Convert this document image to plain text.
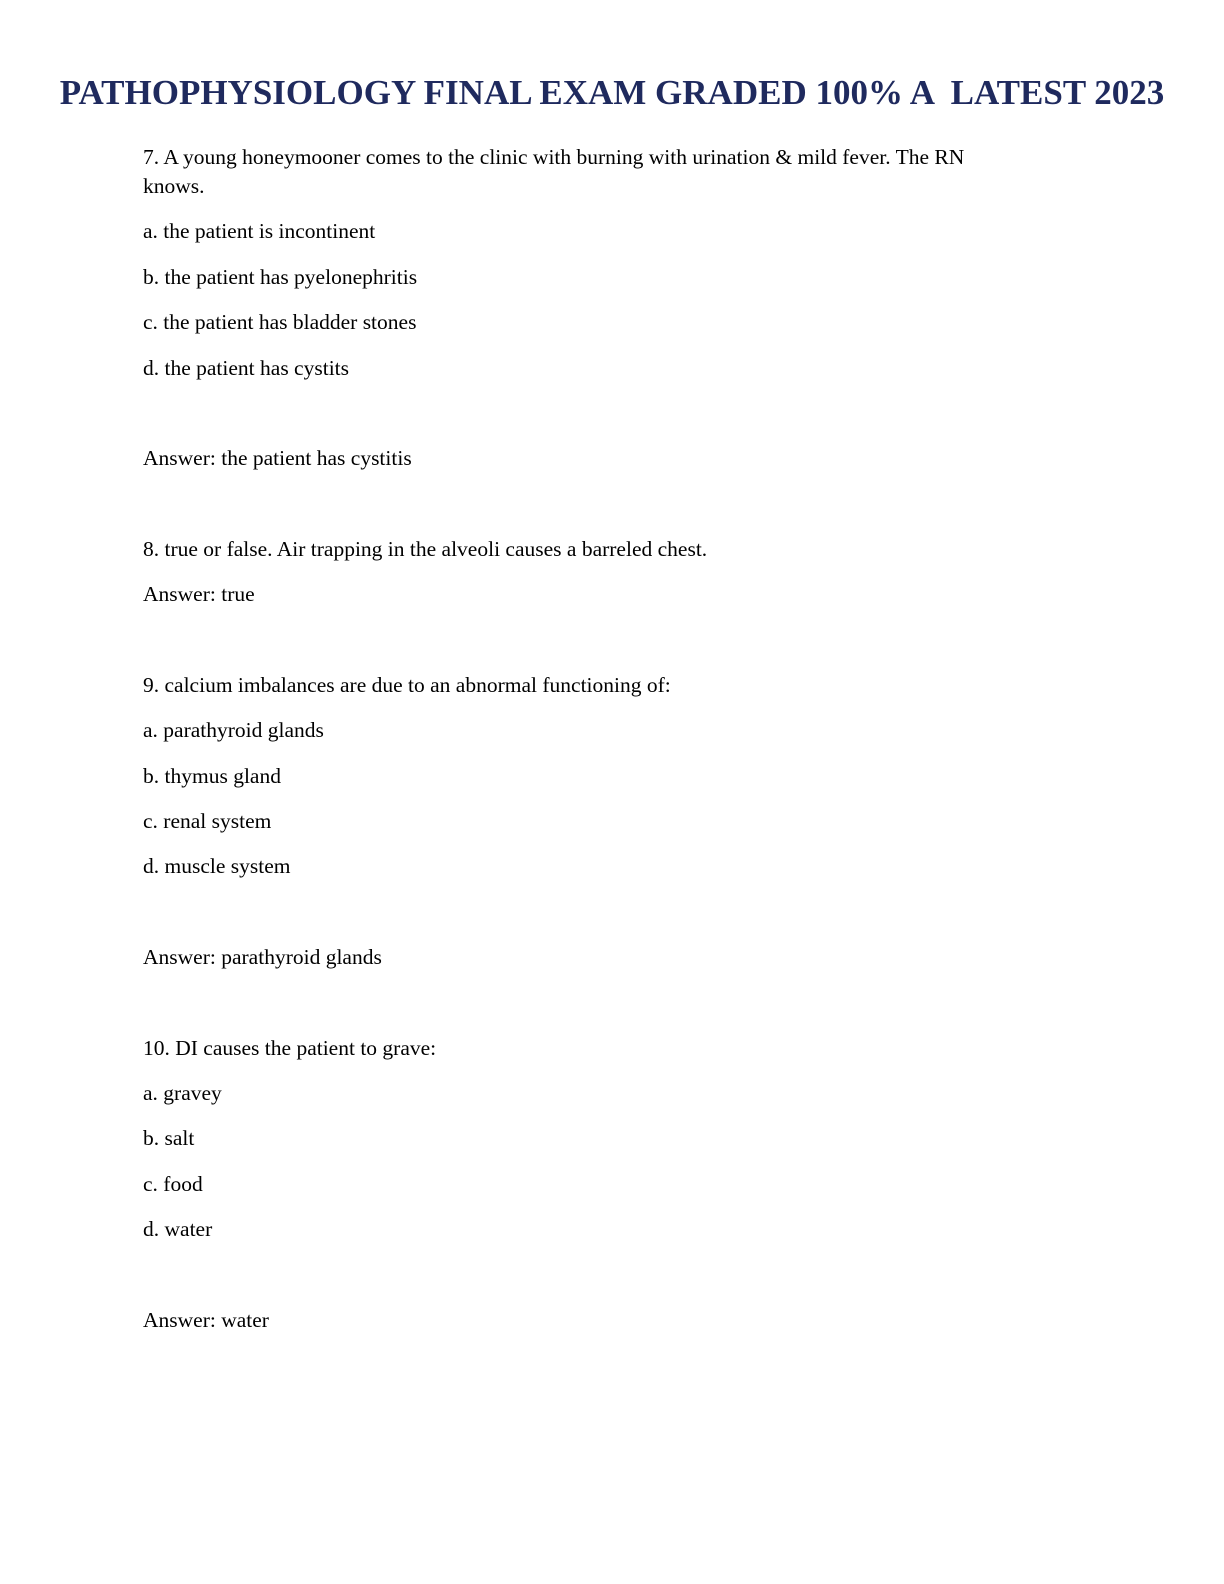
PATHOPHYSIOLOGY FINAL EXAM GRADED 100% A  LATEST 2023

7. A young honeymooner comes to the clinic with burning with urination & mild fever. The RN

knows.

a. the patient is incontinent

b. the patient has pyelonephritis

c. the patient has bladder stones

d. the patient has cystits

Answer: the patient has cystitis

8. true or false. Air trapping in the alveoli causes a barreled chest.

Answer: true

9. calcium imbalances are due to an abnormal functioning of:

a. parathyroid glands

b. thymus gland

c. renal system

d. muscle system

Answer: parathyroid glands

10. DI causes the patient to grave:

a. gravey

b. salt

c. food

d. water

Answer: water
